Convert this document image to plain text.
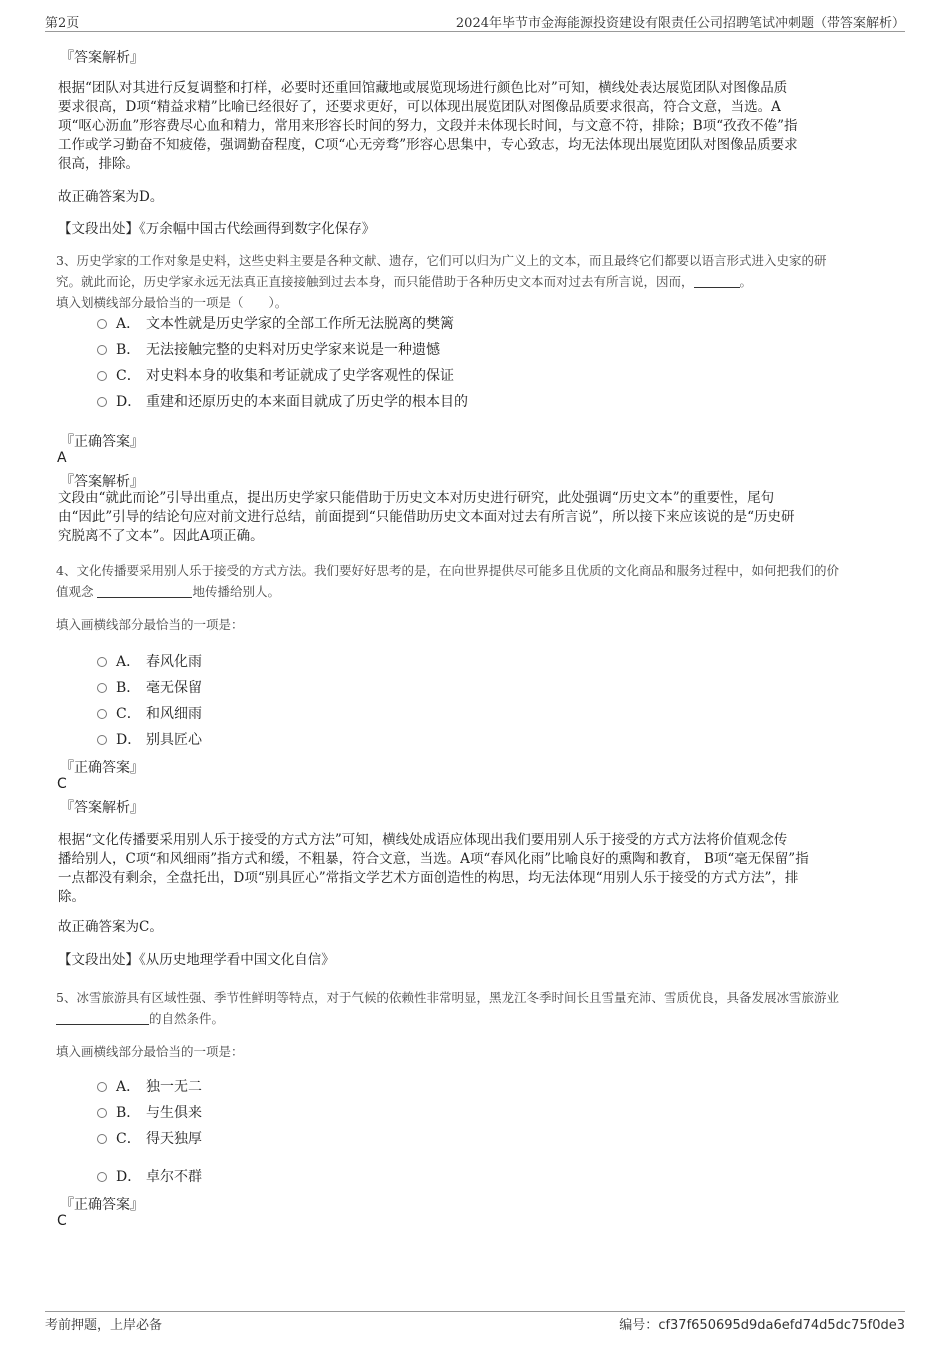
第2页	2024年毕节市金海能源投资建设有限责任公司招聘笔试冲刺题（带答案解析）
『答案解析』
根据“团队对其进行反复调整和打样，必要时还重回馆藏地或展览现场进行颜色比对”可知，横线处表达展览团队对图像品质
要求很高，D项“精益求精”比喻已经很好了，还要求更好，可以体现出展览团队对图像品质要求很高，符合文意，当选。A
项“呕心沥血”形容费尽心血和精力，常用来形容长时间的努力，文段并未体现长时间，与文意不符，排除；B项“孜孜不倦”指
工作或学习勤奋不知疲倦，强调勤奋程度，C项“心无旁骛”形容心思集中，专心致志，均无法体现出展览团队对图像品质要求
很高，排除。
故正确答案为D。
【文段出处】《万余幅中国古代绘画得到数字化保存》
3、历史学家的工作对象是史料，这些史料主要是各种文献、遗存，它们可以归为广义上的文本，而且最终它们都要以语言形式进入史家的研
究。就此而论，历史学家永远无法真正直接接触到过去本身，而只能借助于各种历史文本而对过去有所言说，因而，	。
填入划横线部分最恰当的一项是（　　）。
A． 文本性就是历史学家的全部工作所无法脱离的樊篱
B． 无法接触完整的史料对历史学家来说是一种遗憾
C． 对史料本身的收集和考证就成了史学客观性的保证
D． 重建和还原历史的本来面目就成了历史学的根本目的
『正确答案』
A
『答案解析』
文段由“就此而论”引导出重点，提出历史学家只能借助于历史文本对历史进行研究，此处强调“历史文本”的重要性，尾句
由“因此”引导的结论句应对前文进行总结，前面提到“只能借助历史文本面对过去有所言说”，所以接下来应该说的是“历史研
究脱离不了文本”。因此A项正确。
4、文化传播要采用别人乐于接受的方式方法。我们要好好思考的是，在向世界提供尽可能多且优质的文化商品和服务过程中，如何把我们的价
值观念	地传播给别人。
填入画横线部分最恰当的一项是：
A． 春风化雨
B． 毫无保留
C． 和风细雨
D． 别具匠心
『正确答案』
C
『答案解析』
根据“文化传播要采用别人乐于接受的方式方法”可知，横线处成语应体现出我们要用别人乐于接受的方式方法将价值观念传
播给别人，C项“和风细雨”指方式和缓，不粗暴，符合文意，当选。A项“春风化雨”比喻良好的熏陶和教育， B项“毫无保留”指
一点都没有剩余，全盘托出，D项“别具匠心”常指文学艺术方面创造性的构思，均无法体现“用别人乐于接受的方式方法”，排
除。
故正确答案为C。
【文段出处】《从历史地理学看中国文化自信》
5、冰雪旅游具有区域性强、季节性鲜明等特点，对于气候的依赖性非常明显，黑龙江冬季时间长且雪量充沛、雪质优良，具备发展冰雪旅游业
的自然条件。
填入画横线部分最恰当的一项是：
A． 独一无二
B． 与生俱来
C． 得天独厚
D． 卓尔不群
『正确答案』
C
考前押题，上岸必备	编号：cf37f650695d9da6efd74d5dc75f0de3
